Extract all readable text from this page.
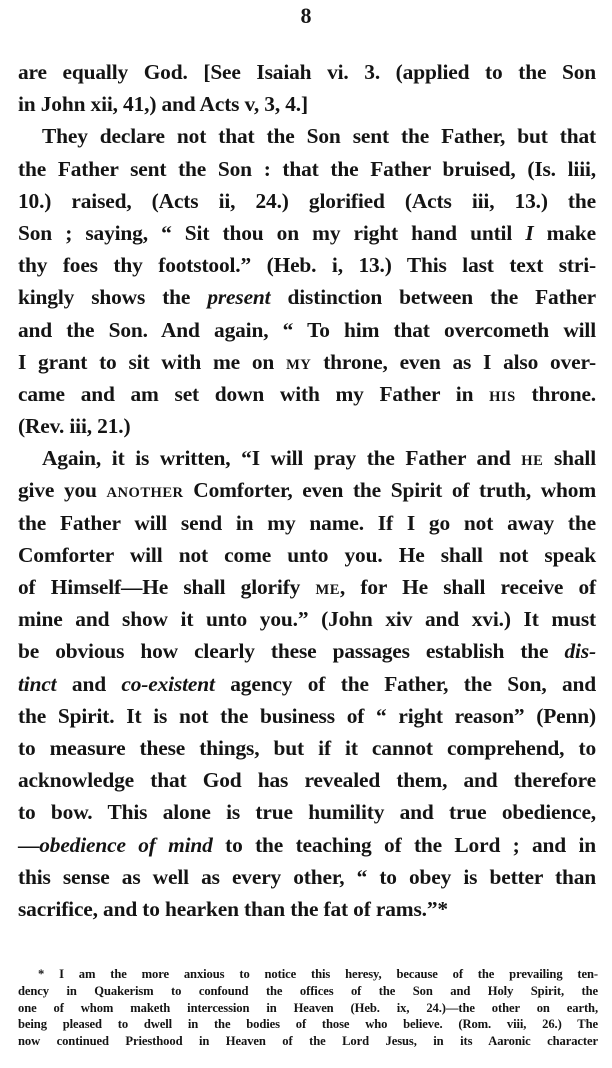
8
are equally God. [See Isaiah vi. 3. (applied to the Son
in John xii, 41,) and Acts v, 3, 4.]
They declare not that the Son sent the Father, but that
the Father sent the Son : that the Father bruised, (Is. liii,
10.) raised, (Acts ii, 24.) glorified (Acts iii, 13.) the
Son ; saying, “ Sit thou on my right hand until I make
thy foes thy footstool.” (Heb. i, 13.) This last text stri-
kingly shows the present distinction between the Father
and the Son. And again, “ To him that overcometh will
I grant to sit with me on MY throne, even as I also over-
came and am set down with my Father in HIS throne.
(Rev. iii, 21.)
Again, it is written, “I will pray the Father and HE shall
give you ANOTHER Comforter, even the Spirit of truth, whom
the Father will send in my name. If I go not away the
Comforter will not come unto you. He shall not speak
of Himself—He shall glorify ME, for He shall receive of
mine and show it unto you.” (John xiv and xvi.) It must
be obvious how clearly these passages establish the dis-
tinct and co-existent agency of the Father, the Son, and
the Spirit. It is not the business of “ right reason” (Penn)
to measure these things, but if it cannot comprehend, to
acknowledge that God has revealed them, and therefore
to bow. This alone is true humility and true obedience,
—obedience of mind to the teaching of the Lord ; and in
this sense as well as every other, “ to obey is better than
sacrifice, and to hearken than the fat of rams.”*
* I am the more anxious to notice this heresy, because of the prevailing ten-
dency in Quakerism to confound the offices of the Son and Holy Spirit, the
one of whom maketh intercession in Heaven (Heb. ix, 24.)—the other on earth,
being pleased to dwell in the bodies of those who believe. (Rom. viii, 26.) The
now continued Priesthood in Heaven of the Lord Jesus, in its Aaronic character
